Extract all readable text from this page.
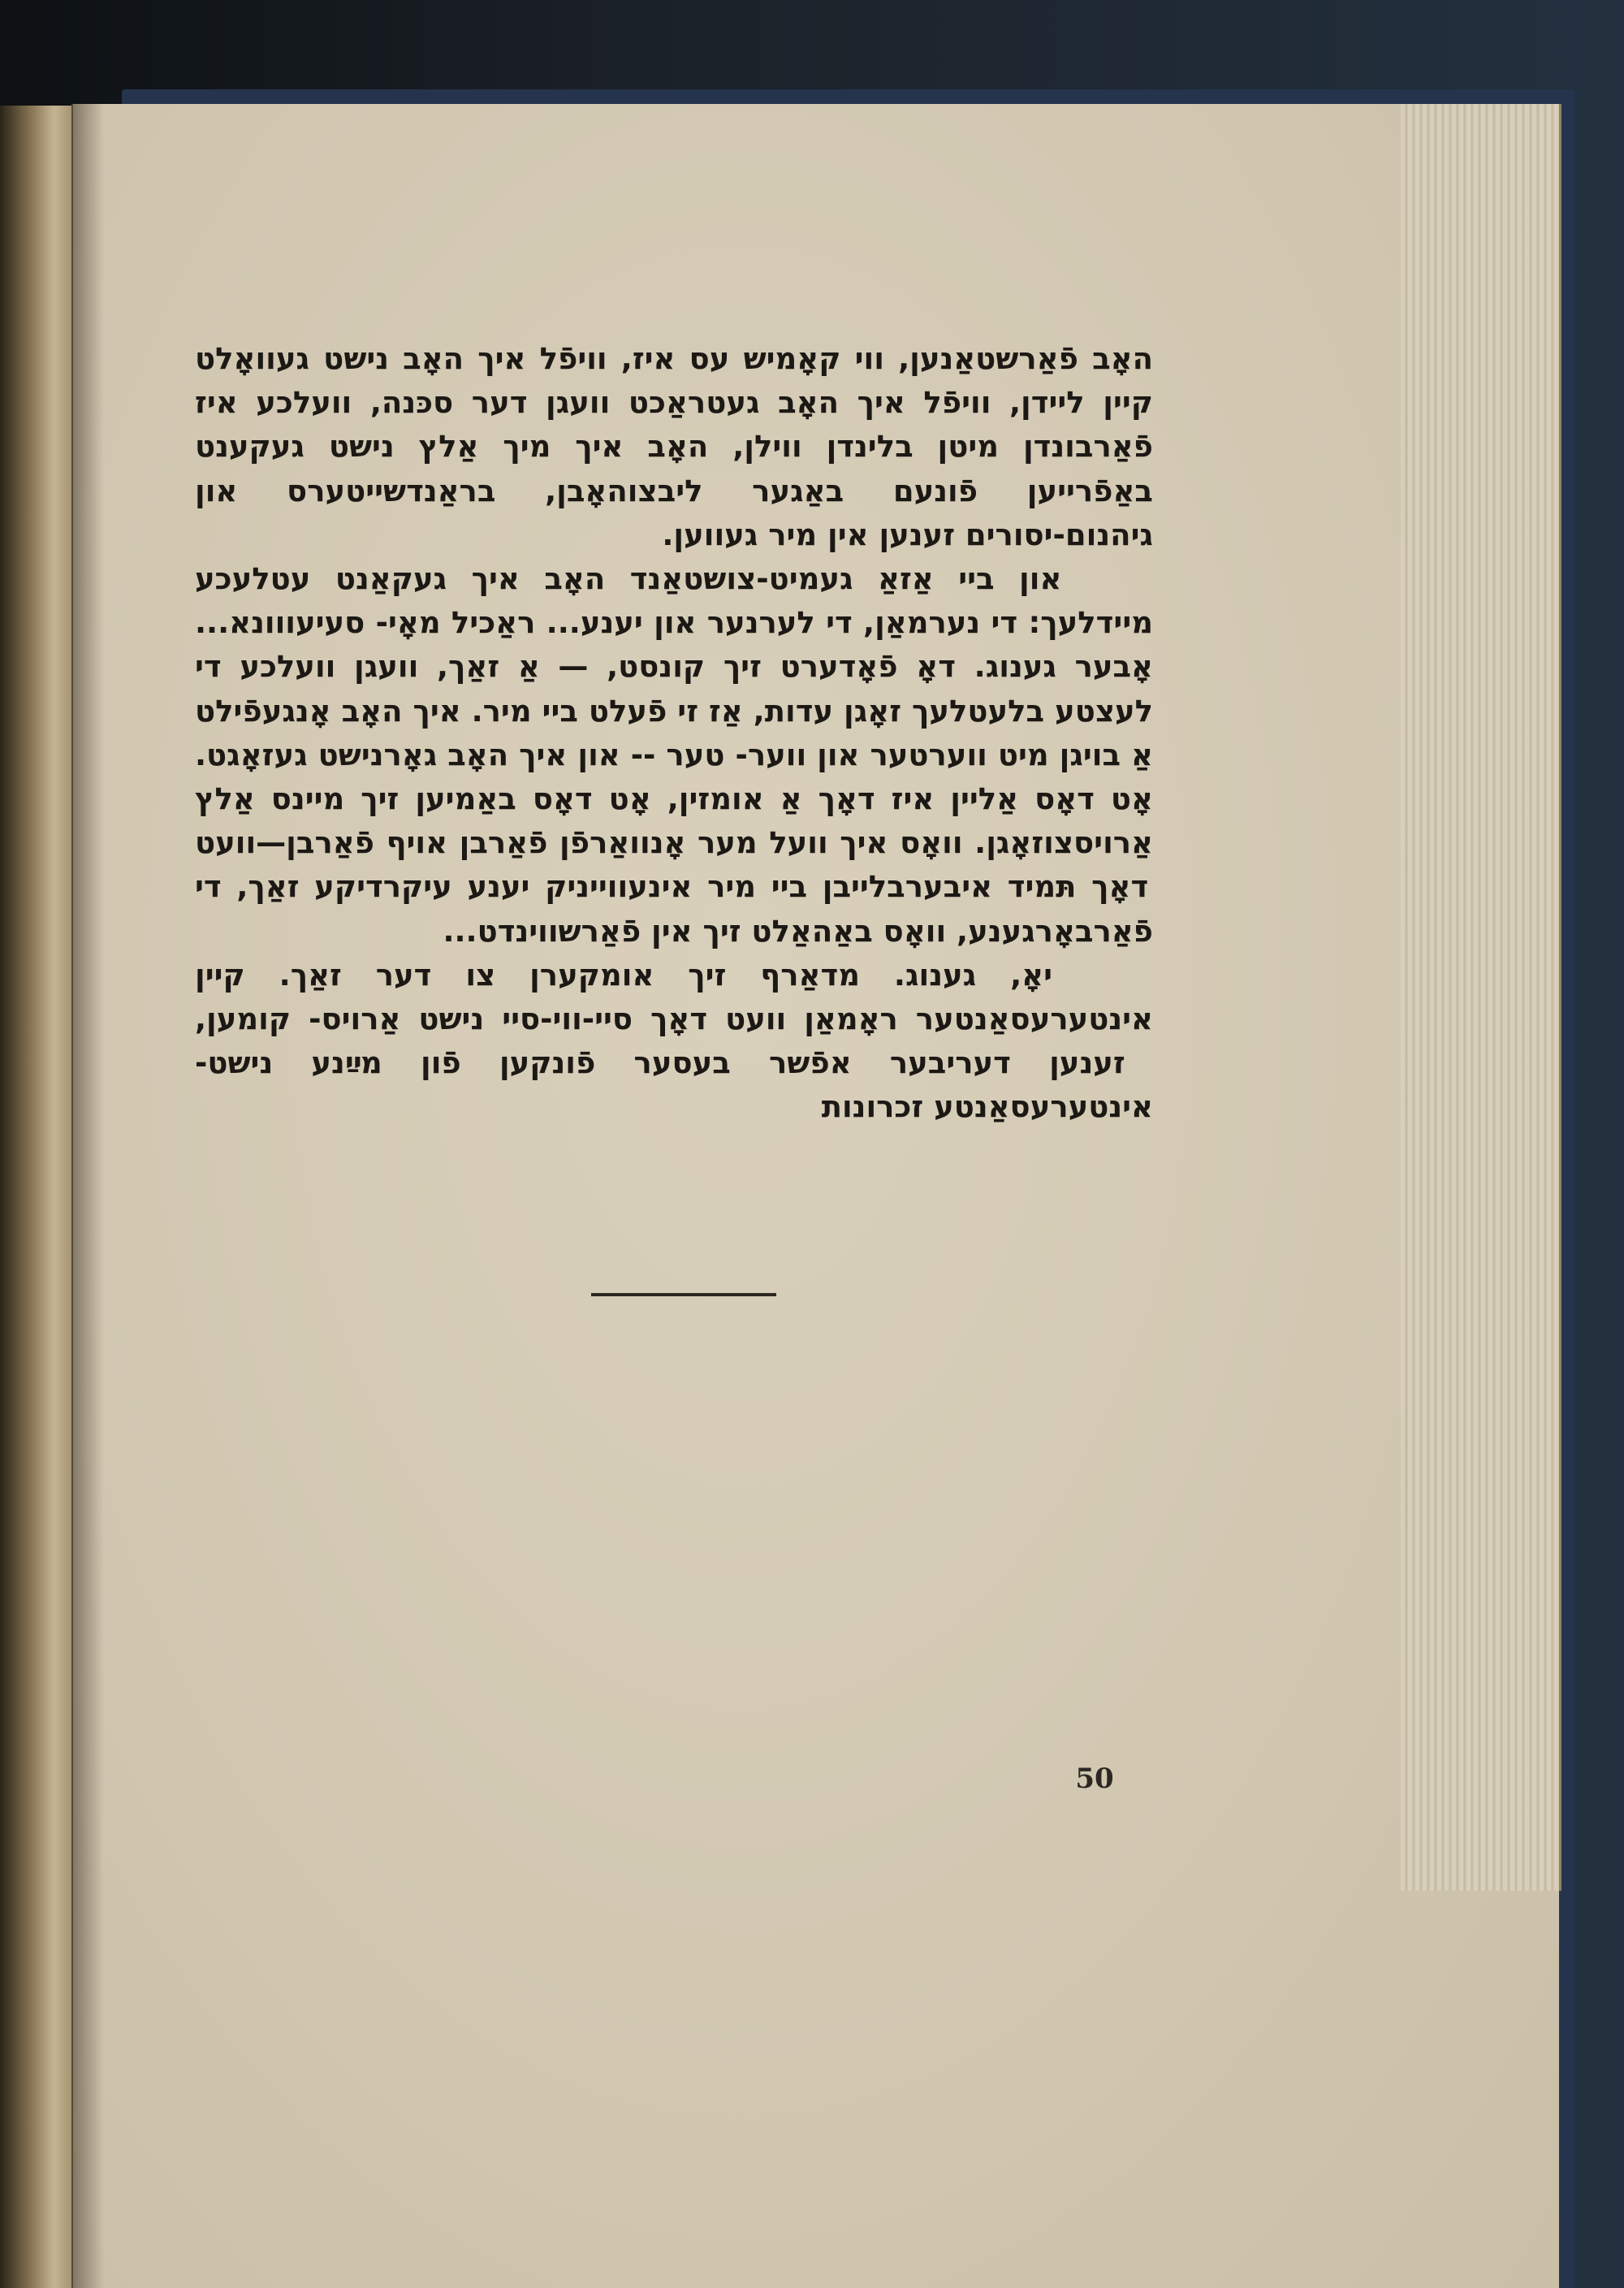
האָב פֿאַרשטאַנען, ווי קאָמיש עס איז, וויפֿל איך האָב נישט געוואָלט קיין ליידן, וויפֿל איך האָב געטראַכט וועגן דער סכּנה, וועלכע איז פֿאַרבונדן מיטן בלינדן ווילן, האָב איך מיך אַלץ נישט געקענט באַפֿרייען פֿונעם באַגער ליבצוהאָבן, בראַנדשייטערס און גיהנום-יסורים זענען אין מיר געווען.

און ביי אַזאַ געמיט-צושטאַנד האָב איך געקאַנט עטלעכע מיידלעך: די נערמאַן, די לערנער און יענע... ראַכיל מאָי- סעיעווונא... אָבער גענוג. דאָ פֿאָדערט זיך קונסט, — אַ זאַך, וועגן וועלכע די לעצטע בלעטלעך זאָגן עדות, אַז זי פֿעלט ביי מיר. איך האָב אָנגעפֿילט אַ בויגן מיט ווערטער און ווער- טער -- און איך האָב גאָרנישט געזאָגט. אָט דאָס אַליין איז דאָך אַ אומזין, אָט דאָס באַמיען זיך מיינס אַלץ אַרויסצוזאָגן. וואָס איך וועל מער אָנוואַרפֿן פֿאַרבן אויף פֿאַרבן—וועט דאָך תּמיד איבערבלייבן ביי מיר אינעווייניק יענע עיקרדיקע זאַך, די פֿאַרבאָרגענע, וואָס באַהאַלט זיך אין פֿאַרשווינדט...

יאָ, גענוג. מדאַרף זיך אומקערן צו דער זאַך. קיין אינטערעסאַנטער ראָמאַן וועט דאָך סיי-ווי-סיי נישט אַרויס- קומען, זענען דעריבער אפֿשר בעסער פֿונקען פֿון מײַנע נישט- אינטערעסאַנטע זכרונות

50
